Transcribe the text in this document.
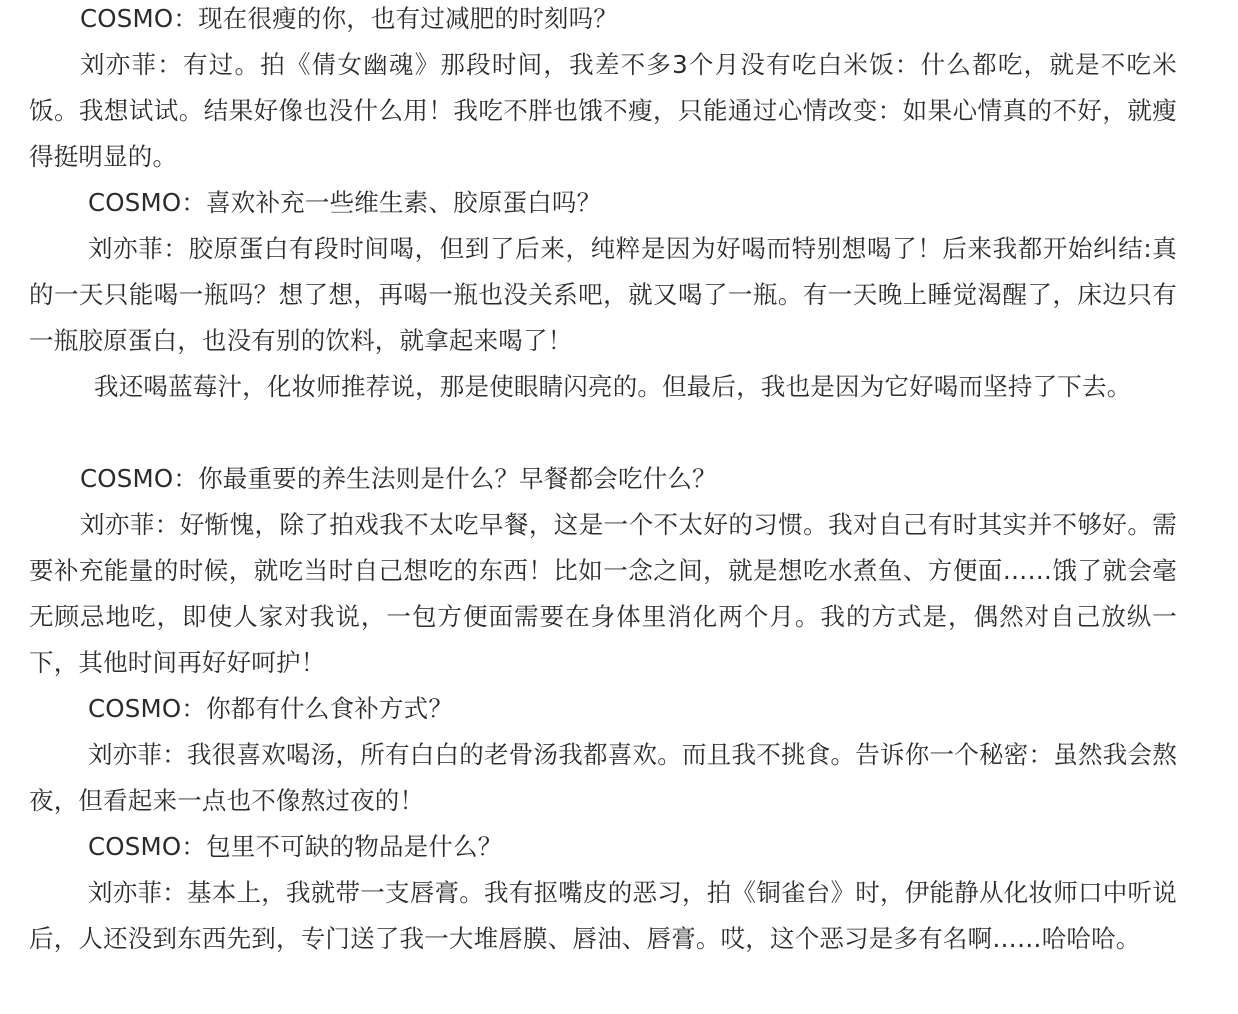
COSMO：现在很瘦的你，也有过减肥的时刻吗？

刘亦菲：有过。拍《倩女幽魂》那段时间，我差不多3个月没有吃白米饭：什么都吃，就是不吃米饭。我想试试。结果好像也没什么用！我吃不胖也饿不瘦，只能通过心情改变：如果心情真的不好，就瘦得挺明显的。

COSMO：喜欢补充一些维生素、胶原蛋白吗？

刘亦菲：胶原蛋白有段时间喝，但到了后来，纯粹是因为好喝而特别想喝了！后来我都开始纠结:真的一天只能喝一瓶吗？想了想，再喝一瓶也没关系吧，就又喝了一瓶。有一天晚上睡觉渴醒了，床边只有一瓶胶原蛋白，也没有别的饮料，就拿起来喝了！

我还喝蓝莓汁，化妆师推荐说，那是使眼睛闪亮的。但最后，我也是因为它好喝而坚持了下去。

COSMO：你最重要的养生法则是什么？早餐都会吃什么？

刘亦菲：好惭愧，除了拍戏我不太吃早餐，这是一个不太好的习惯。我对自己有时其实并不够好。需要补充能量的时候，就吃当时自己想吃的东西！比如一念之间，就是想吃水煮鱼、方便面……饿了就会毫无顾忌地吃，即使人家对我说，一包方便面需要在身体里消化两个月。我的方式是，偶然对自己放纵一下，其他时间再好好呵护！

COSMO：你都有什么食补方式？

刘亦菲：我很喜欢喝汤，所有白白的老骨汤我都喜欢。而且我不挑食。告诉你一个秘密：虽然我会熬夜，但看起来一点也不像熬过夜的！

COSMO：包里不可缺的物品是什么？

刘亦菲：基本上，我就带一支唇膏。我有抠嘴皮的恶习，拍《铜雀台》时，伊能静从化妆师口中听说后，人还没到东西先到，专门送了我一大堆唇膜、唇油、唇膏。哎，这个恶习是多有名啊……哈哈哈。
